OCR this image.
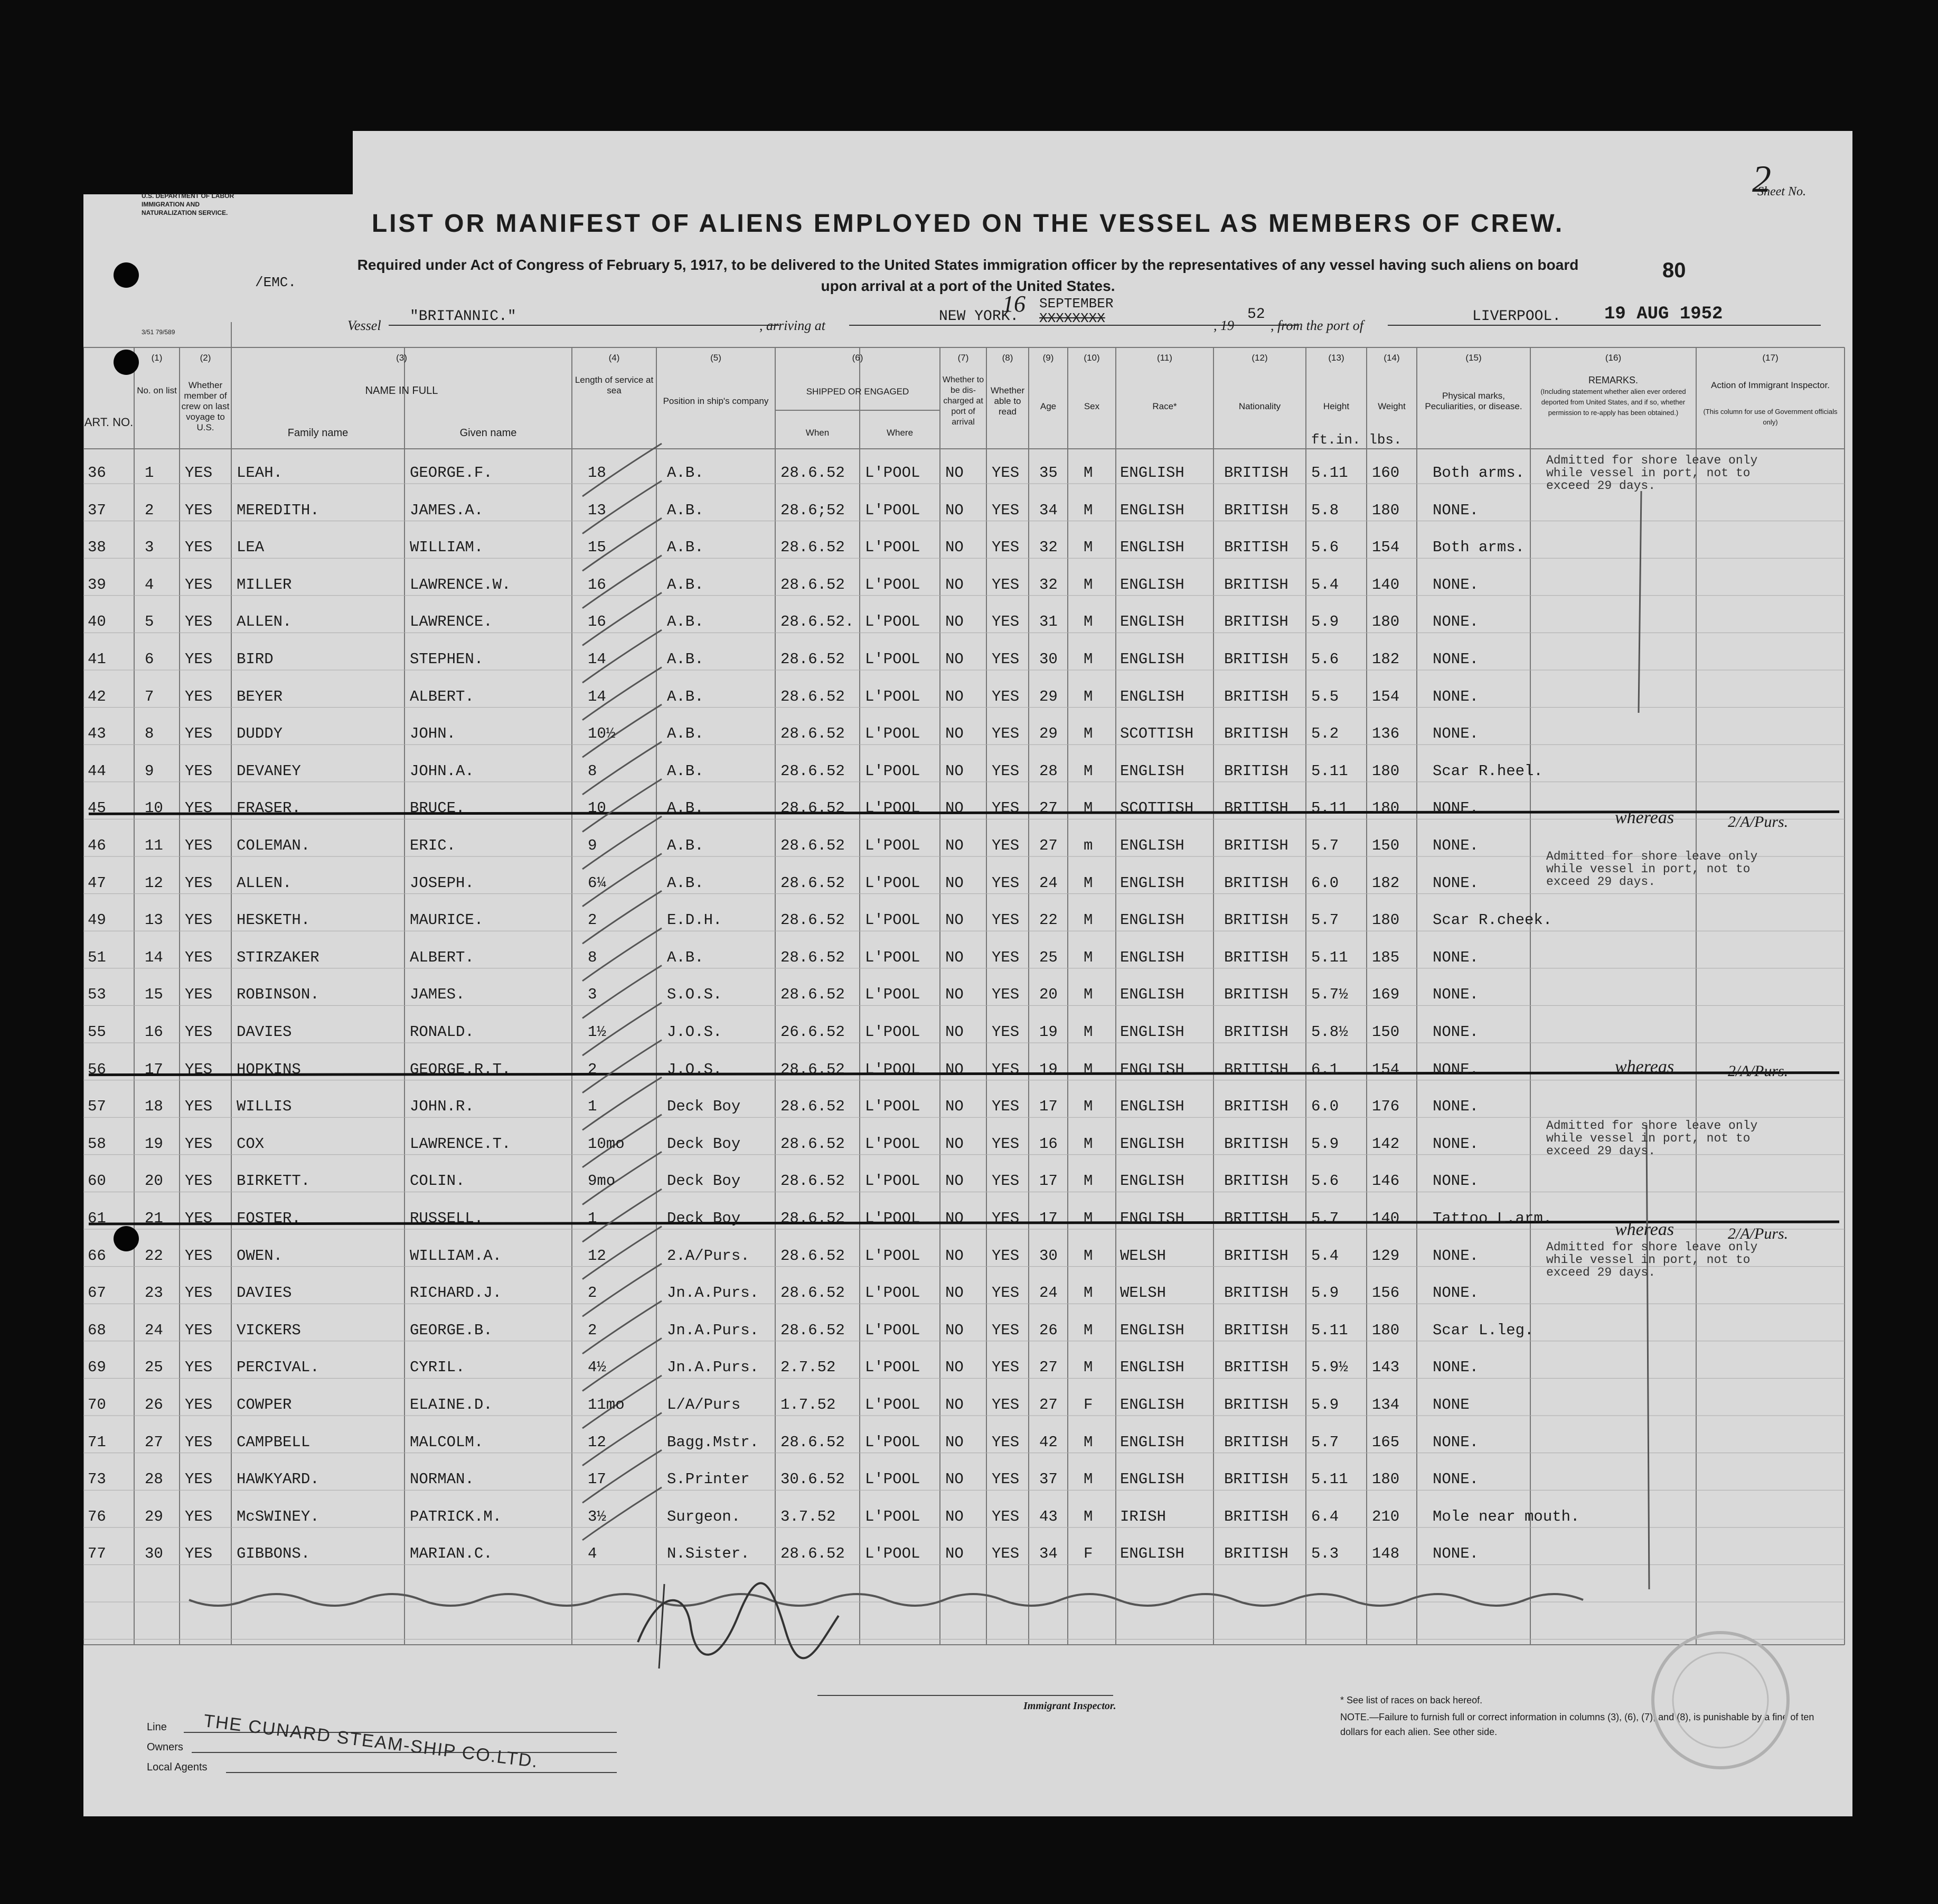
U.S. DEPARTMENT OF LABOR
IMMIGRATION AND NATURALIZATION SERVICE.
Sheet No.
2
LIST OR MANIFEST OF ALIENS EMPLOYED ON THE VESSEL AS MEMBERS OF CREW.
Required under Act of Congress of February 5, 1917, to be delivered to the United States immigration officer by the representatives of any vessel having such aliens on board upon arrival at a port of the United States.
80
/EMC.
3/51 79/589	Vessel
"BRITANNIC."
, arriving at
NEW YORK.
16 SEPTEMBER
XXXXXXXX	, 19
52
, from the port of
LIVERPOOL.	19 AUG 1952
(1)	(2)	(3)	(4)	(5)	(6)	(7)	(8)	(9)	(10)	(11)	(12)	(13)	(14)	(15)	(16)	(17)
ART. NO.
No. on list
Whether member of crew on last voyage to U.S.
NAME IN FULL
Family name	Given name
Length of service at sea
Position in ship's company
SHIPPED OR ENGAGED
When	Where
Whether to be dis-charged at port of arrival
Whether able to read
Age	Sex	Race*	Nationality	Height	Weight
Physical marks, Peculiarities, or disease.
REMARKS.
(Including statement whether alien ever ordered deported from United States, and if so, whether permission to re-apply has been obtained.)
Action of Immigrant Inspector.
(This column for use of Government officials only)
ft.in. lbs.
36	1 YES LEAH.	GEORGE.F.	18	A.B.	28.6.52 L'POOL NO YES 35 M ENGLISH	BRITISH 5.11 160 Both arms.
37	2 YES MEREDITH.	JAMES.A.	13	A.B.	28.6;52 L'POOL NO YES 34 M ENGLISH	BRITISH 5.8 180 NONE.
38	3 YES LEA	WILLIAM.	15	A.B.	28.6.52 L'POOL NO YES 32 M ENGLISH	BRITISH 5.6 154 Both arms.
39	4 YES MILLER	LAWRENCE.W.	16	A.B.	28.6.52 L'POOL NO YES 32 M ENGLISH	BRITISH 5.4 140 NONE.
40	5 YES ALLEN.	LAWRENCE.	16	A.B.	28.6.52. L'POOL NO YES 31 M ENGLISH	BRITISH 5.9 180 NONE.
41	6 YES BIRD	STEPHEN.	14	A.B.	28.6.52 L'POOL NO YES 30 M ENGLISH	BRITISH 5.6 182 NONE.
42	7 YES BEYER	ALBERT.	14	A.B.	28.6.52 L'POOL NO YES 29 M ENGLISH	BRITISH 5.5 154 NONE.
43	8 YES DUDDY	JOHN.	10½	A.B.	28.6.52 L'POOL NO YES 29 M SCOTTISH BRITISH 5.2 136 NONE.
44	9 YES DEVANEY	JOHN.A.	8	A.B.	28.6.52 L'POOL NO YES 28 M ENGLISH	BRITISH 5.11 180 Scar R.heel.
45	10 YES FRASER.	BRUCE.	10	A.B.	28.6.52 L'POOL NO YES 27 M SCOTTISH BRITISH 5.11 180 NONE.
46	11 YES COLEMAN.	ERIC.	9	A.B.	28.6.52 L'POOL NO YES 27 m ENGLISH	BRITISH 5.7 150 NONE.
47	12 YES ALLEN.	JOSEPH.	6¼	A.B.	28.6.52 L'POOL NO YES 24 M ENGLISH	BRITISH 6.0 182 NONE.
49	13 YES HESKETH.	MAURICE.	2	E.D.H.	28.6.52 L'POOL NO YES 22 M ENGLISH	BRITISH 5.7 180 Scar R.cheek.
51	14 YES STIRZAKER	ALBERT.	8	A.B.	28.6.52 L'POOL NO YES 25 M ENGLISH	BRITISH 5.11 185 NONE.
53	15 YES ROBINSON.	JAMES.	3	S.O.S.	28.6.52 L'POOL NO YES 20 M ENGLISH	BRITISH 5.7½ 169 NONE.
55	16 YES DAVIES	RONALD.	1½	J.O.S.	26.6.52 L'POOL NO YES 19 M ENGLISH	BRITISH 5.8½ 150 NONE.
56	17 YES HOPKINS	GEORGE.R.T.	2	J.O.S.	28.6.52 L'POOL NO YES 19 M ENGLISH	BRITISH 6.1 154 NONE.
57	18 YES WILLIS	JOHN.R.	1	Deck Boy	28.6.52 L'POOL NO YES 17 M ENGLISH	BRITISH 6.0 176 NONE.
58	19 YES COX	LAWRENCE.T.	10mo	Deck Boy	28.6.52 L'POOL NO YES 16 M ENGLISH	BRITISH 5.9 142 NONE.
60	20 YES BIRKETT.	COLIN.	9mo	Deck Boy	28.6.52 L'POOL NO YES 17 M ENGLISH	BRITISH 5.6 146 NONE.
61	21 YES FOSTER.	RUSSELL.	1	Deck Boy	28.6.52 L'POOL NO YES 17 M ENGLISH	BRITISH 5.7 140 Tattoo L.arm.
66	22 YES OWEN.	WILLIAM.A.	12	2.A/Purs. 28.6.52 L'POOL NO YES 30 M WELSH	BRITISH 5.4 129 NONE.
67	23 YES DAVIES	RICHARD.J.	2	Jn.A.Purs. 28.6.52 L'POOL NO YES 24 M WELSH	BRITISH 5.9 156 NONE.
68	24 YES VICKERS	GEORGE.B.	2	Jn.A.Purs. 28.6.52 L'POOL NO YES 26 M ENGLISH	BRITISH 5.11 180 Scar L.leg.
69	25 YES PERCIVAL.	CYRIL.	4½	Jn.A.Purs. 2.7.52 L'POOL NO YES 27 M ENGLISH	BRITISH 5.9½ 143 NONE.
70	26 YES COWPER	ELAINE.D.	11mo	L/A/Purs	1.7.52 L'POOL NO YES 27 F ENGLISH	BRITISH 5.9 134 NONE
71	27 YES CAMPBELL	MALCOLM.	12	Bagg.Mstr. 28.6.52 L'POOL NO YES 42 M ENGLISH	BRITISH 5.7 165 NONE.
73	28 YES HAWKYARD.	NORMAN.	17	S.Printer 30.6.52 L'POOL NO YES 37 M ENGLISH	BRITISH 5.11 180 NONE.
76	29 YES McSWINEY.	PATRICK.M.	3½	Surgeon.	3.7.52 L'POOL NO YES 43 M IRISH	BRITISH 6.4 210 Mole near mouth.
77	30 YES GIBBONS.	MARIAN.C.	4	N.Sister. 28.6.52 L'POOL NO YES 34 F ENGLISH	BRITISH 5.3 148 NONE.
Admitted for shore leave only while vessel in port, not to exceed 29 days.
Admitted for shore leave only while vessel in port, not to exceed 29 days.
Admitted for shore leave only while vessel in port, not to exceed 29 days.
Admitted for shore leave only while vessel in port, not to exceed 29 days.
2/A/Purs.
whereas
2/A/Purs.
whereas
2/A/Purs.
whereas
Line
Owners
Local Agents
THE CUNARD STEAM-SHIP CO.LTD.
Immigrant Inspector.	* See list of races on back hereof.
NOTE.—Failure to furnish full or correct information in columns (3), (6), (7), and (8), is punishable by a fine of ten dollars for each alien. See other side.
